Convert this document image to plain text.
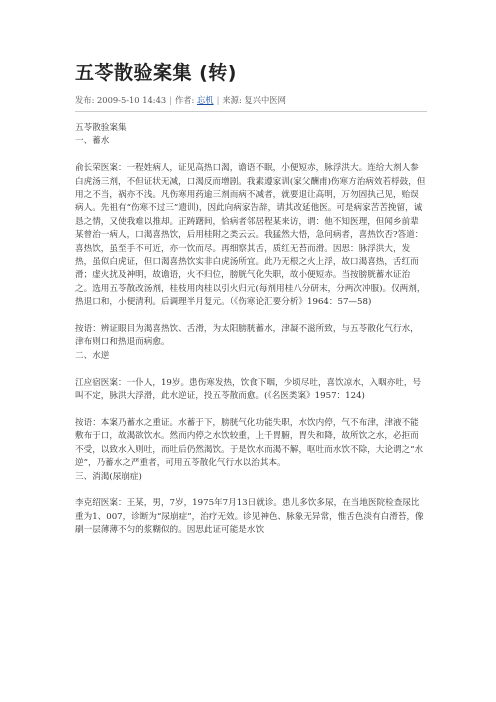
五苓散验案集 (转)
发布: 2009-5-10 14:43 | 作者: 忘机 | 来源: 复兴中医网

五苓散验案集

一、蓄水

俞长荣医案：一程姓病人，证见高热口渴，谵语不眠，小便短赤，脉浮洪大。连给大剂人参白虎汤三剂，不但证状无减，口渴反而增剧。我素遵家训(家父酬甫)伤寒方治病效若桴鼓，但用之不当，祸亦不浅。凡伤寒用药逾三剂而病不减者，就要退让高明，万勿固执己见，贻误病人。先祖有“伤寒不过三”遗训)，因此向病家告辞，请其改延他医。可是病家苦苦挽留，诚恳之情，又使我难以推却。正踌躇间，恰病者邻居程某来访，谓：他不知医理，但闻乡前辈某曾治一病人，口渴喜热饮，后用桂附之类云云。我猛然大悟，急问病者，喜热饮否?答道：喜热饮，虽至手不可近，亦一饮而尽。再细察其舌，质红无苔而滑。因思：脉浮洪大，发热，虽似白虎证，但口渴喜热饮实非白虎汤所宜。此乃无根之火上浮，故口渴喜热，舌红而滑；虚火扰及神明，故谵语，火不归位，膀胱气化失职，故小便短赤。当按膀胱蓄水证治之。选用五苓散改汤剂，桂枝用肉桂以引火归元(每剂用桂八分研末，分两次冲服)。仅两剂，热退口和，小便清利。后调理半月复元。（《伤寒论汇要分析》1964：57—58)

按语：辨证眼目为渴喜热饮、舌滑，为太阳膀胱蓄水，津凝不滋所致，与五苓散化气行水，津布则口和热退而病愈。

二、水逆

江应宿医案：一仆人，19岁。患伤寒发热，饮食下咽，少顷尽吐，喜饮凉水，入咽亦吐，号叫不定，脉洪大浮滑，此水逆证，投五苓散而愈。(《名医类案》1957：124)

按语：本案乃蓄水之重证。水蓄于下，膀胱气化功能失职，水饮内停，气不布津，津液不能敷布于口，故渴欲饮水。然而内停之水饮较重，上千胃腑，胃失和降，故所饮之水，必拒而不受，以致水入则吐，而吐后仍然渴饮。于是饮水而渴不解，呕吐而水饮不除，大论谓之“水逆”，乃蓄水之严重者，可用五苓散化气行水以治其本。

三、消渴(尿崩症)

李克绍医案：王某，男，7岁，1975年7月13日就诊。患儿多饮多尿，在当地医院检查尿比重为1、007，诊断为“尿崩症”，治疗无效。诊见神色、脉象无异常，惟舌色淡有白滑苔，像刷一层薄薄不匀的浆糊似的。因思此证可能是水饮
